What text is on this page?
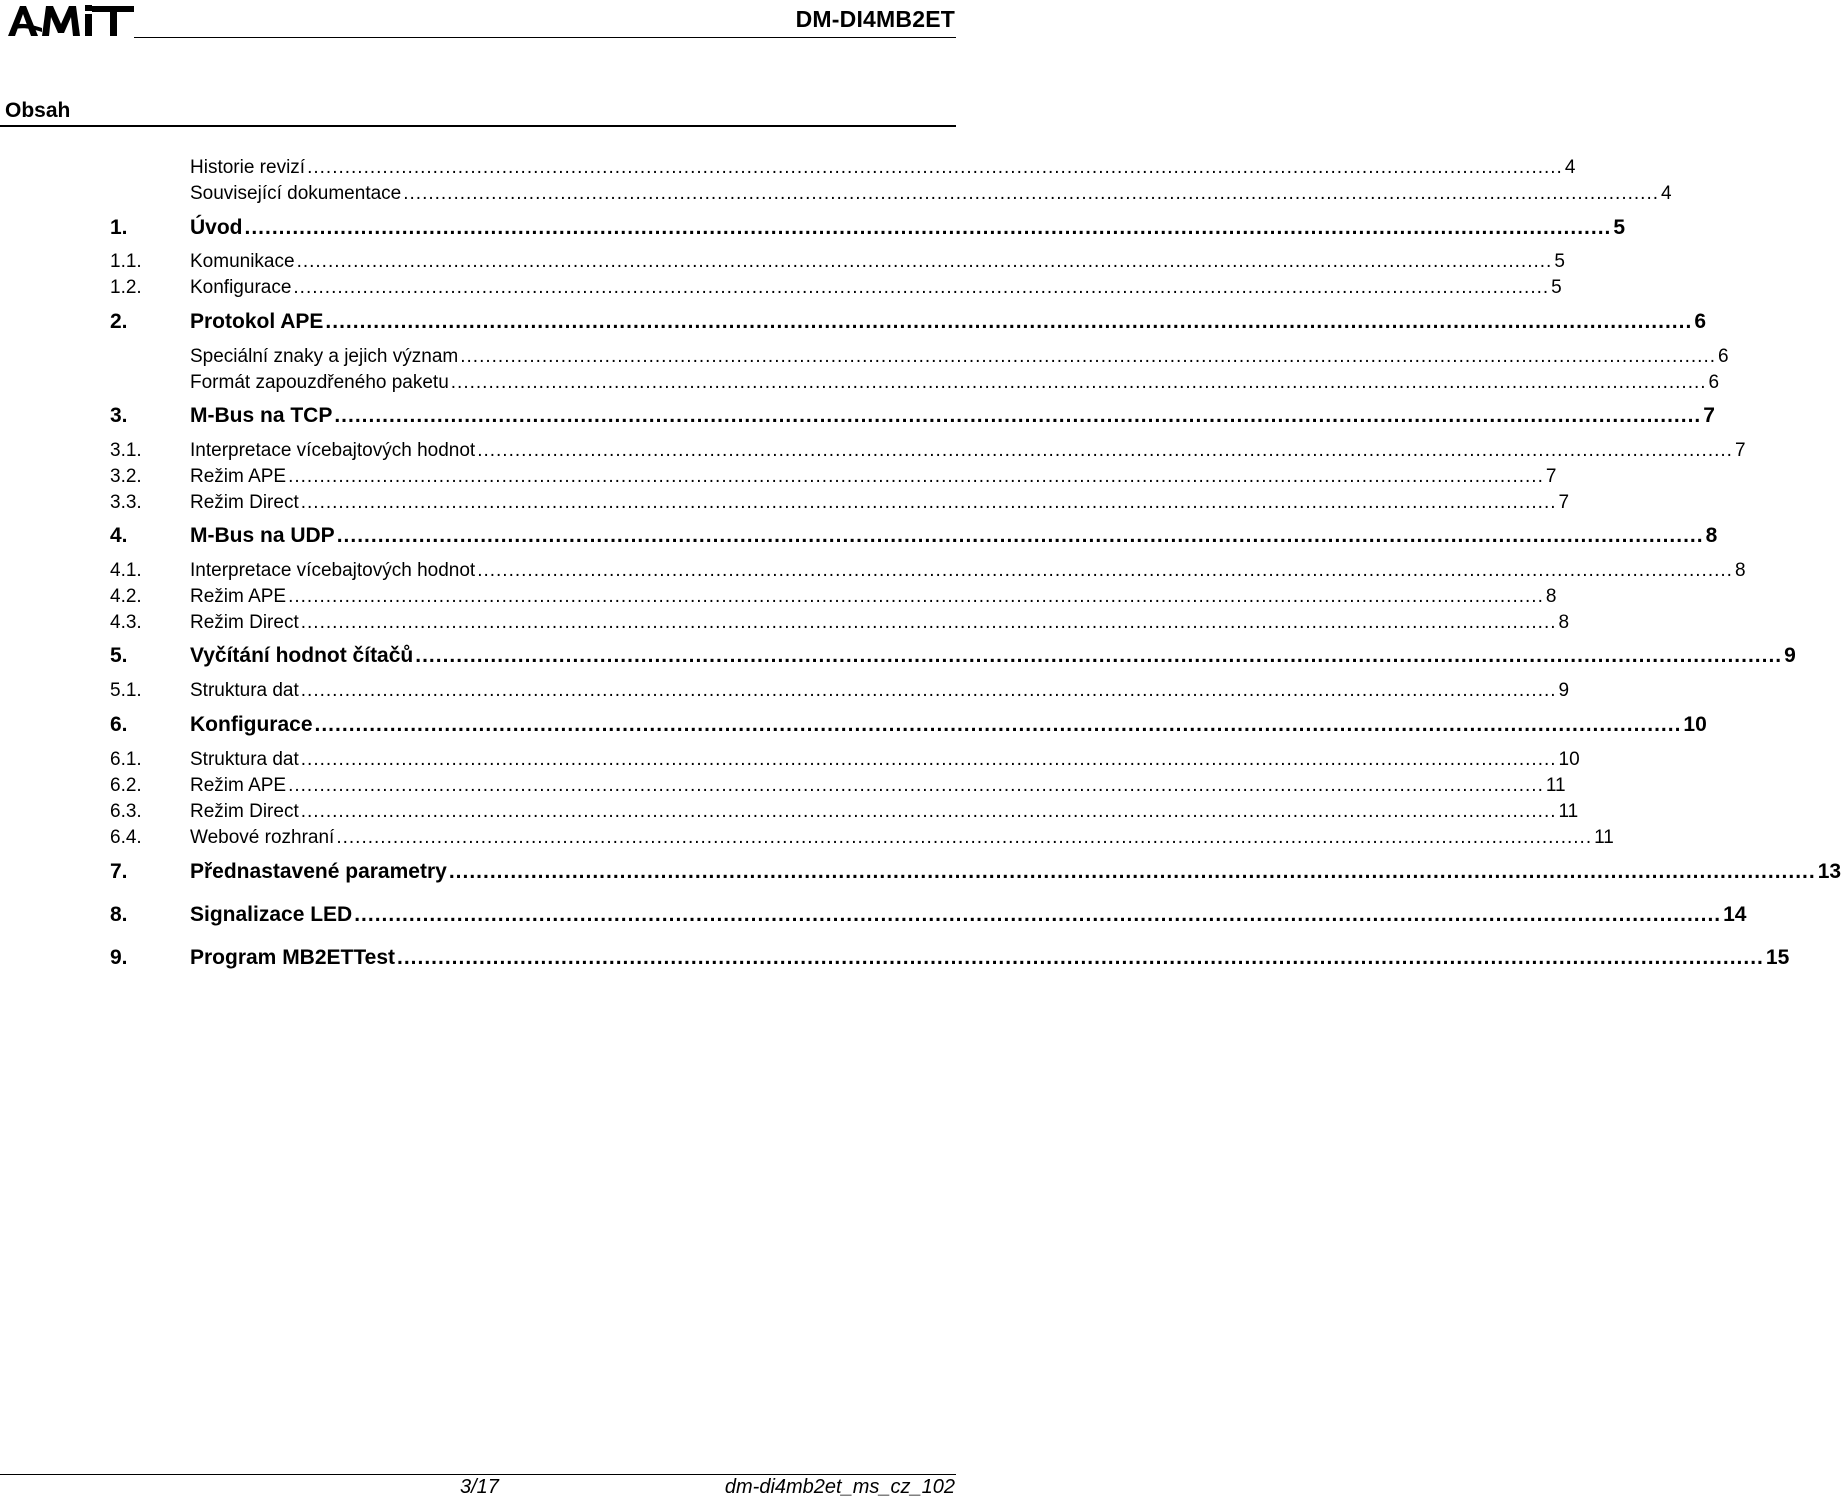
DM-DI4MB2ET
Obsah
Historie revizí ........................................................................................................................................................................................................ 4
Související dokumentace ........................................................................................................................................................................................................ 4
1.	Úvod ........................................................................................................................................................................................................ 5
1.1.	Komunikace ........................................................................................................................................................................................................ 5
1.2.	Konfigurace ........................................................................................................................................................................................................ 5
2.	Protokol APE ........................................................................................................................................................................................................ 6
Speciální znaky a jejich význam ........................................................................................................................................................................................................ 6
Formát zapouzdřeného paketu ........................................................................................................................................................................................................ 6
3.	M-Bus na TCP ........................................................................................................................................................................................................ 7
3.1.	Interpretace vícebajtových hodnot ........................................................................................................................................................................................................ 7
3.2.	Režim APE ........................................................................................................................................................................................................ 7
3.3.	Režim Direct ........................................................................................................................................................................................................ 7
4.	M-Bus na UDP ........................................................................................................................................................................................................ 8
4.1.	Interpretace vícebajtových hodnot ........................................................................................................................................................................................................ 8
4.2.	Režim APE ........................................................................................................................................................................................................ 8
4.3.	Režim Direct ........................................................................................................................................................................................................ 8
5.	Vyčítání hodnot čítačů ........................................................................................................................................................................................................ 9
5.1.	Struktura dat ........................................................................................................................................................................................................ 9
6.	Konfigurace ........................................................................................................................................................................................................ 10
6.1.	Struktura dat ........................................................................................................................................................................................................ 10
6.2.	Režim APE ........................................................................................................................................................................................................ 11
6.3.	Režim Direct ........................................................................................................................................................................................................ 11
6.4.	Webové rozhraní ........................................................................................................................................................................................................ 11
7.	Přednastavené parametry ........................................................................................................................................................................................................ 13
8.	Signalizace LED ........................................................................................................................................................................................................ 14
9.	Program MB2ETTest ........................................................................................................................................................................................................ 15
3/17	dm-di4mb2et_ms_cz_102
